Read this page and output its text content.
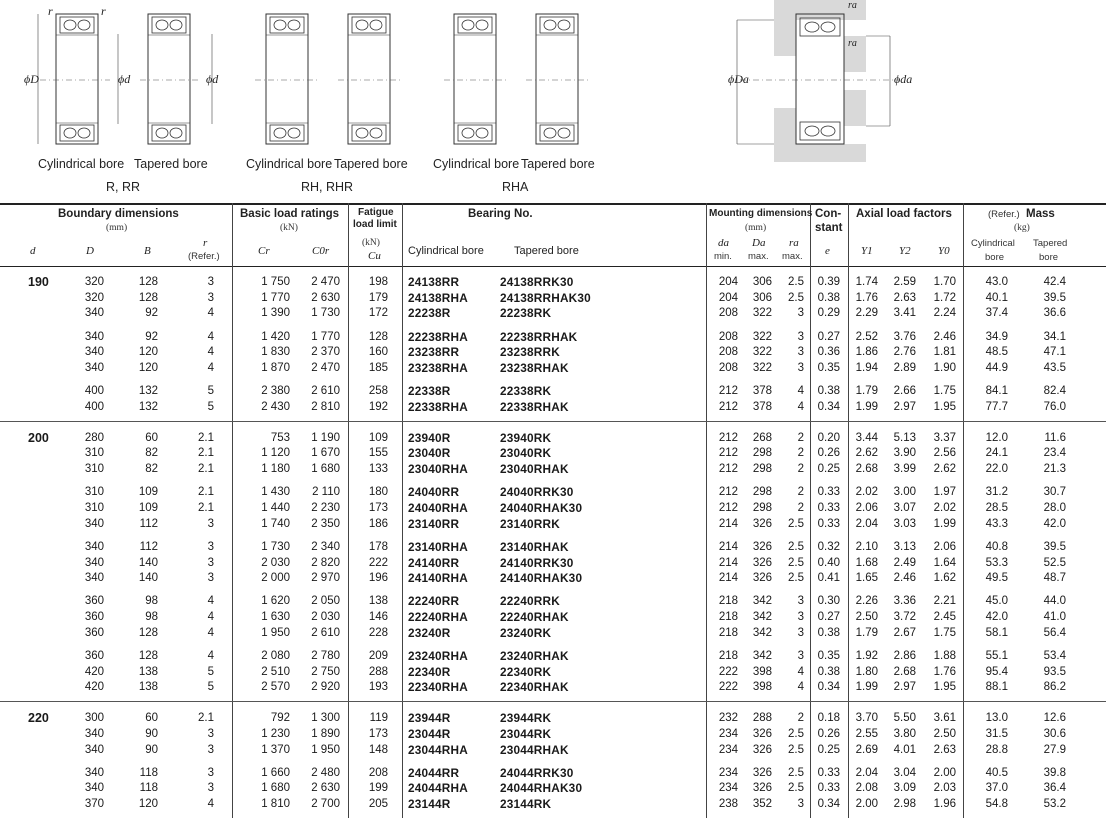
r	r
ϕD	ϕd	ϕd	ϕDa	ϕda
ra
ra
Cylindrical bore Tapered bore
R, RR
Cylindrical bore Tapered bore
RH, RHR
Cylindrical bore Tapered bore
RHA
Boundary dimensions
(mm)
d	D	B
r
(Refer.)
Basic load ratings
(kN)
Cr	C0r
Fatigue
load limit
(kN)
Cu
Bearing No.
Cylindrical bore	Tapered bore
Mounting dimensions
(mm)
da
min.
Da
max.
ra
max.
Con-
stant
e
Axial load factors
Y1 Y2 Y0
(Refer.) Mass
(kg)
Cylindrical
bore
Tapered
bore
190	320	128	3	1 750	2 470	198 24138RR	24138RRK30	204	306	2.5	0.39	1.74	2.59	1.70	43.0	42.4
320	128	3	1 770	2 630	179 24138RHA	24138RRHAK30	204	306	2.5	0.38	1.76	2.63	1.72	40.1	39.5
340	92	4	1 390	1 730	172 22238R	22238RK	208	322	3	0.29	2.29	3.41	2.24	37.4	36.6
340	92	4	1 420	1 770	128 22238RHA	22238RRHAK	208	322	3	0.27	2.52	3.76	2.46	34.9	34.1
340	120	4	1 830	2 370	160 23238RR	23238RRK	208	322	3	0.36	1.86	2.76	1.81	48.5	47.1
340	120	4	1 870	2 470	185 23238RHA	23238RHAK	208	322	3	0.35	1.94	2.89	1.90	44.9	43.5
400	132	5	2 380	2 610	258 22338R	22338RK	212	378	4	0.38	1.79	2.66	1.75	84.1	82.4
400	132	5	2 430	2 810	192 22338RHA	22338RHAK	212	378	4	0.34	1.99	2.97	1.95	77.7	76.0
200	280	60	2.1	753	1 190	109 23940R	23940RK	212	268	2	0.20	3.44	5.13	3.37	12.0	11.6
310	82	2.1	1 120	1 670	155 23040R	23040RK	212	298	2	0.26	2.62	3.90	2.56	24.1	23.4
310	82	2.1	1 180	1 680	133 23040RHA	23040RHAK	212	298	2	0.25	2.68	3.99	2.62	22.0	21.3
310	109	2.1	1 430	2 110	180 24040RR	24040RRK30	212	298	2	0.33	2.02	3.00	1.97	31.2	30.7
310	109	2.1	1 440	2 230	173 24040RHA	24040RHAK30	212	298	2	0.33	2.06	3.07	2.02	28.5	28.0
340	112	3	1 740	2 350	186 23140RR	23140RRK	214	326	2.5	0.33	2.04	3.03	1.99	43.3	42.0
340	112	3	1 730	2 340	178 23140RHA	23140RHAK	214	326	2.5	0.32	2.10	3.13	2.06	40.8	39.5
340	140	3	2 030	2 820	222 24140RR	24140RRK30	214	326	2.5	0.40	1.68	2.49	1.64	53.3	52.5
340	140	3	2 000	2 970	196 24140RHA	24140RHAK30	214	326	2.5	0.41	1.65	2.46	1.62	49.5	48.7
360	98	4	1 620	2 050	138 22240RR	22240RRK	218	342	3	0.30	2.26	3.36	2.21	45.0	44.0
360	98	4	1 630	2 030	146 22240RHA	22240RHAK	218	342	3	0.27	2.50	3.72	2.45	42.0	41.0
360	128	4	1 950	2 610	228 23240R	23240RK	218	342	3	0.38	1.79	2.67	1.75	58.1	56.4
360	128	4	2 080	2 780	209 23240RHA	23240RHAK	218	342	3	0.35	1.92	2.86	1.88	55.1	53.4
420	138	5	2 510	2 750	288 22340R	22340RK	222	398	4	0.38	1.80	2.68	1.76	95.4	93.5
420	138	5	2 570	2 920	193 22340RHA	22340RHAK	222	398	4	0.34	1.99	2.97	1.95	88.1	86.2
220	300	60	2.1	792	1 300	119 23944R	23944RK	232	288	2	0.18	3.70	5.50	3.61	13.0	12.6
340	90	3	1 230	1 890	173 23044R	23044RK	234	326	2.5	0.26	2.55	3.80	2.50	31.5	30.6
340	90	3	1 370	1 950	148 23044RHA	23044RHAK	234	326	2.5	0.25	2.69	4.01	2.63	28.8	27.9
340	118	3	1 660	2 480	208 24044RR	24044RRK30	234	326	2.5	0.33	2.04	3.04	2.00	40.5	39.8
340	118	3	1 680	2 630	199 24044RHA	24044RHAK30	234	326	2.5	0.33	2.08	3.09	2.03	37.0	36.4
370	120	4	1 810	2 700	205 23144R	23144RK	238	352	3	0.34	2.00	2.98	1.96	54.8	53.2
